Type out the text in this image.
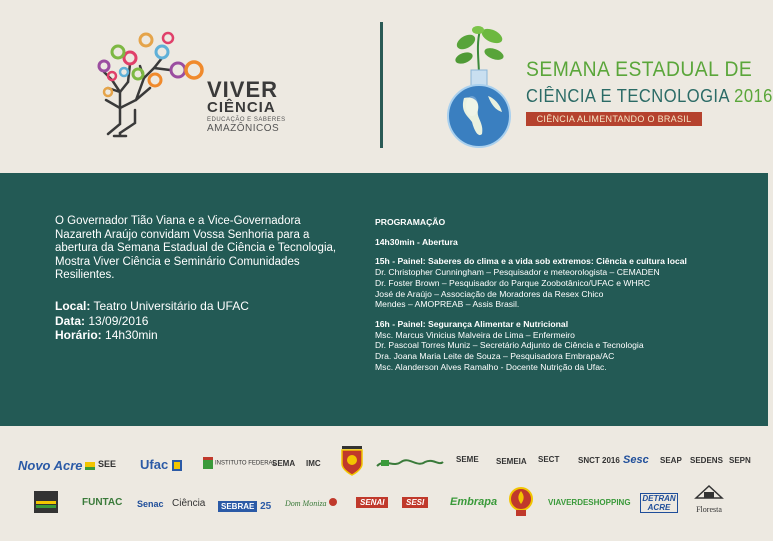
VIVER
CIÊNCIA
EDUCAÇÃO E SABERES
AMAZÔNICOS
SEMANA ESTADUAL DE
CIÊNCIA E TECNOLOGIA 2016
CIÊNCIA ALIMENTANDO O BRASIL
O Governador Tião Viana e a Vice-Governadora Nazareth Araújo convidam Vossa Senhoria para a abertura da Semana Estadual de Ciência e Tecnologia, Mostra Viver Ciência e Seminário Comunidades Resilientes.
Local: Teatro Universitário da UFAC
Data: 13/09/2016
Horário: 14h30min
PROGRAMAÇÃO
14h30min - Abertura
15h - Painel: Saberes do clima e a vida sob extremos: Ciência e cultura local
Dr. Christopher Cunningham – Pesquisador e meteorologista – CEMADEN
Dr. Foster Brown – Pesquisador do Parque Zoobotânico/UFAC e WHRC
José de Araújo – Associação de Moradores da Resex Chico
Mendes – AMOPREAB – Assis Brasil.
16h - Painel: Segurança Alimentar e Nutricional
Msc. Marcus Vinicius Malveira de Lima – Enfermeiro
Dr. Pascoal Torres Muniz – Secretário Adjunto de Ciência e Tecnologia
Dra. Joana Maria Leite de Souza – Pesquisadora Embrapa/AC
Msc. Alanderson Alves Ramalho - Docente Nutrição da Ufac.
Novo Acre	SEE Ufac	INSTITUTO FEDERAL
SEMA IMC	SEME SEMEIA SECT SNCT 2016 Sesc SEAP SEDENS SEPN
FUNTAC Senac Ciência	SEBRAE 25 Dom Moniza	SENAI	SESI	Embrapa	VIAVERDESHOPPING DETRAN ACRE	Floresta
